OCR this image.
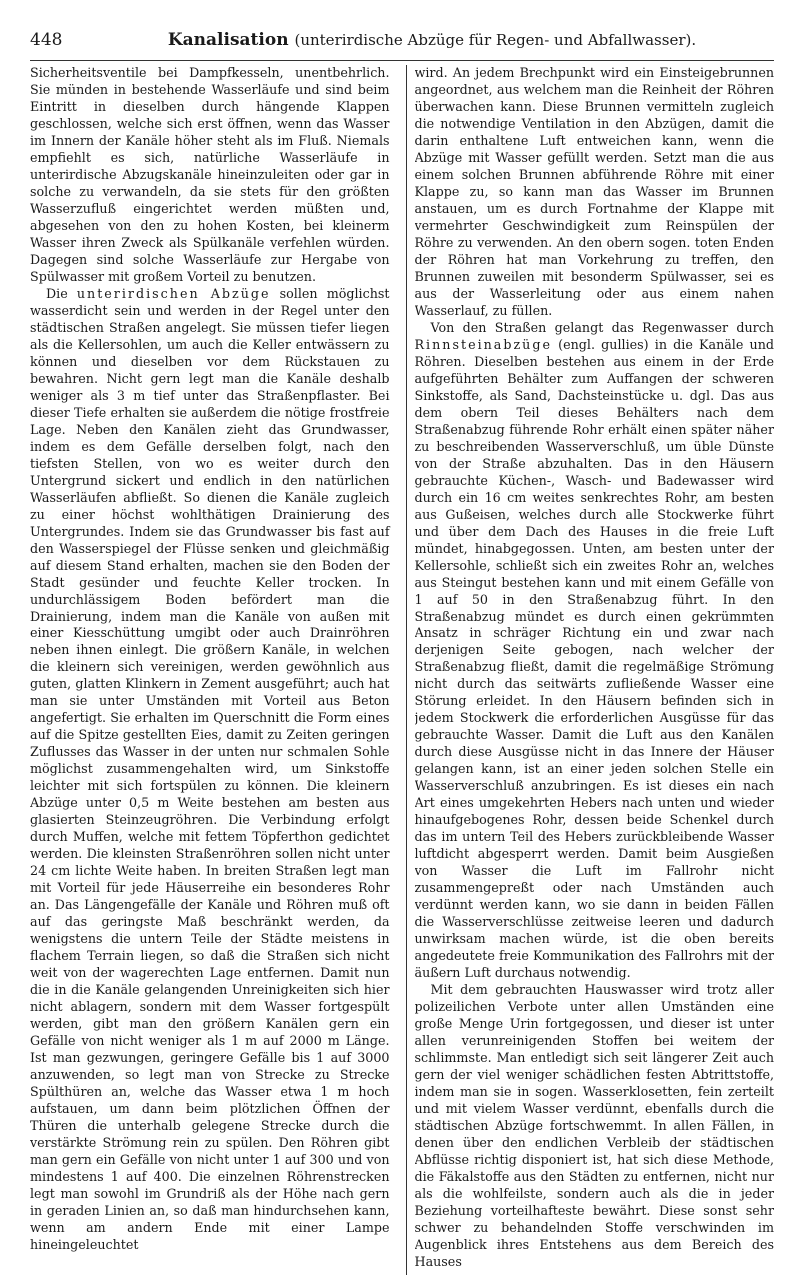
448	Kanalisation (unterirdische Abzüge für Regen- und Abfallwasser).

Sicherheitsventile bei Dampfkesseln, unentbehrlich. Sie münden in bestehende Wasserläufe und sind beim Eintritt in dieselben durch hängende Klappen geschlossen, welche sich erst öffnen, wenn das Wasser im Innern der Kanäle höher steht als im Fluß. Niemals empfiehlt es sich, natürliche Wasserläufe in unterirdische Abzugskanäle hineinzuleiten oder gar in solche zu verwandeln, da sie stets für den größten Wasserzufluß eingerichtet werden müßten und, abgesehen von den zu hohen Kosten, bei kleinerm Wasser ihren Zweck als Spülkanäle verfehlen würden. Dagegen sind solche Wasserläufe zur Hergabe von Spülwasser mit großem Vorteil zu benutzen.

Die unterirdischen Abzüge sollen möglichst wasserdicht sein und werden in der Regel unter den städtischen Straßen angelegt. Sie müssen tiefer liegen als die Kellersohlen, um auch die Keller entwässern zu können und dieselben vor dem Rückstauen zu bewahren. Nicht gern legt man die Kanäle deshalb weniger als 3 m tief unter das Straßenpflaster. Bei dieser Tiefe erhalten sie außerdem die nötige frostfreie Lage. Neben den Kanälen zieht das Grundwasser, indem es dem Gefälle derselben folgt, nach den tiefsten Stellen, von wo es weiter durch den Untergrund sickert und endlich in den natürlichen Wasserläufen abfließt. So dienen die Kanäle zugleich zu einer höchst wohlthätigen Drainierung des Untergrundes. Indem sie das Grundwasser bis fast auf den Wasserspiegel der Flüsse senken und gleichmäßig auf diesem Stand erhalten, machen sie den Boden der Stadt gesünder und feuchte Keller trocken. In undurchlässigem Boden befördert man die Drainierung, indem man die Kanäle von außen mit einer Kiesschüttung umgibt oder auch Drainröhren neben ihnen einlegt. Die größern Kanäle, in welchen die kleinern sich vereinigen, werden gewöhnlich aus guten, glatten Klinkern in Zement ausgeführt; auch hat man sie unter Umständen mit Vorteil aus Beton angefertigt. Sie erhalten im Querschnitt die Form eines auf die Spitze gestellten Eies, damit zu Zeiten geringen Zuflusses das Wasser in der unten nur schmalen Sohle möglichst zusammengehalten wird, um Sinkstoffe leichter mit sich fortspülen zu können. Die kleinern Abzüge unter 0,5 m Weite bestehen am besten aus glasierten Steinzeugröhren. Die Verbindung erfolgt durch Muffen, welche mit fettem Töpferthon gedichtet werden. Die kleinsten Straßenröhren sollen nicht unter 24 cm lichte Weite haben. In breiten Straßen legt man mit Vorteil für jede Häuserreihe ein besonderes Rohr an. Das Längengefälle der Kanäle und Röhren muß oft auf das geringste Maß beschränkt werden, da wenigstens die untern Teile der Städte meistens in flachem Terrain liegen, so daß die Straßen sich nicht weit von der wagerechten Lage entfernen. Damit nun die in die Kanäle gelangenden Unreinigkeiten sich hier nicht ablagern, sondern mit dem Wasser fortgespült werden, gibt man den größern Kanälen gern ein Gefälle von nicht weniger als 1 m auf 2000 m Länge. Ist man gezwungen, geringere Gefälle bis 1 auf 3000 anzuwenden, so legt man von Strecke zu Strecke Spülthüren an, welche das Wasser etwa 1 m hoch aufstauen, um dann beim plötzlichen Öffnen der Thüren die unterhalb gelegene Strecke durch die verstärkte Strömung rein zu spülen. Den Röhren gibt man gern ein Gefälle von nicht unter 1 auf 300 und von mindestens 1 auf 400. Die einzelnen Röhrenstrecken legt man sowohl im Grundriß als der Höhe nach gern in geraden Linien an, so daß man hindurchsehen kann, wenn am andern Ende mit einer Lampe hineingeleuchtet

wird. An jedem Brechpunkt wird ein Einsteigebrunnen angeordnet, aus welchem man die Reinheit der Röhren überwachen kann. Diese Brunnen vermitteln zugleich die notwendige Ventilation in den Abzügen, damit die darin enthaltene Luft entweichen kann, wenn die Abzüge mit Wasser gefüllt werden. Setzt man die aus einem solchen Brunnen abführende Röhre mit einer Klappe zu, so kann man das Wasser im Brunnen anstauen, um es durch Fortnahme der Klappe mit vermehrter Geschwindigkeit zum Reinspülen der Röhre zu verwenden. An den obern sogen. toten Enden der Röhren hat man Vorkehrung zu treffen, den Brunnen zuweilen mit besonderm Spülwasser, sei es aus der Wasserleitung oder aus einem nahen Wasserlauf, zu füllen.

Von den Straßen gelangt das Regenwasser durch Rinnsteinabzüge (engl. gullies) in die Kanäle und Röhren. Dieselben bestehen aus einem in der Erde aufgeführten Behälter zum Auffangen der schweren Sinkstoffe, als Sand, Dachsteinstücke u. dgl. Das aus dem obern Teil dieses Behälters nach dem Straßenabzug führende Rohr erhält einen später näher zu beschreibenden Wasserverschluß, um üble Dünste von der Straße abzuhalten. Das in den Häusern gebrauchte Küchen-, Wasch- und Badewasser wird durch ein 16 cm weites senkrechtes Rohr, am besten aus Gußeisen, welches durch alle Stockwerke führt und über dem Dach des Hauses in die freie Luft mündet, hinabgegossen. Unten, am besten unter der Kellersohle, schließt sich ein zweites Rohr an, welches aus Steingut bestehen kann und mit einem Gefälle von 1 auf 50 in den Straßenabzug führt. In den Straßenabzug mündet es durch einen gekrümmten Ansatz in schräger Richtung ein und zwar nach derjenigen Seite gebogen, nach welcher der Straßenabzug fließt, damit die regelmäßige Strömung nicht durch das seitwärts zufließende Wasser eine Störung erleidet. In den Häusern befinden sich in jedem Stockwerk die erforderlichen Ausgüsse für das gebrauchte Wasser. Damit die Luft aus den Kanälen durch diese Ausgüsse nicht in das Innere der Häuser gelangen kann, ist an einer jeden solchen Stelle ein Wasserverschluß anzubringen. Es ist dieses ein nach Art eines umgekehrten Hebers nach unten und wieder hinaufgebogenes Rohr, dessen beide Schenkel durch das im untern Teil des Hebers zurückbleibende Wasser luftdicht abgesperrt werden. Damit beim Ausgießen von Wasser die Luft im Fallrohr nicht zusammengepreßt oder nach Umständen auch verdünnt werden kann, wo sie dann in beiden Fällen die Wasserverschlüsse zeitweise leeren und dadurch unwirksam machen würde, ist die oben bereits angedeutete freie Kommunikation des Fallrohrs mit der äußern Luft durchaus notwendig.

Mit dem gebrauchten Hauswasser wird trotz aller polizeilichen Verbote unter allen Umständen eine große Menge Urin fortgegossen, und dieser ist unter allen verunreinigenden Stoffen bei weitem der schlimmste. Man entledigt sich seit längerer Zeit auch gern der viel weniger schädlichen festen Abtrittstoffe, indem man sie in sogen. Wasserklosetten, fein zerteilt und mit vielem Wasser verdünnt, ebenfalls durch die städtischen Abzüge fortschwemmt. In allen Fällen, in denen über den endlichen Verbleib der städtischen Abflüsse richtig disponiert ist, hat sich diese Methode, die Fäkalstoffe aus den Städten zu entfernen, nicht nur als die wohlfeilste, sondern auch als die in jeder Beziehung vorteilhafteste bewährt. Diese sonst sehr schwer zu behandelnden Stoffe verschwinden im Augenblick ihres Entstehens aus dem Bereich des Hauses
